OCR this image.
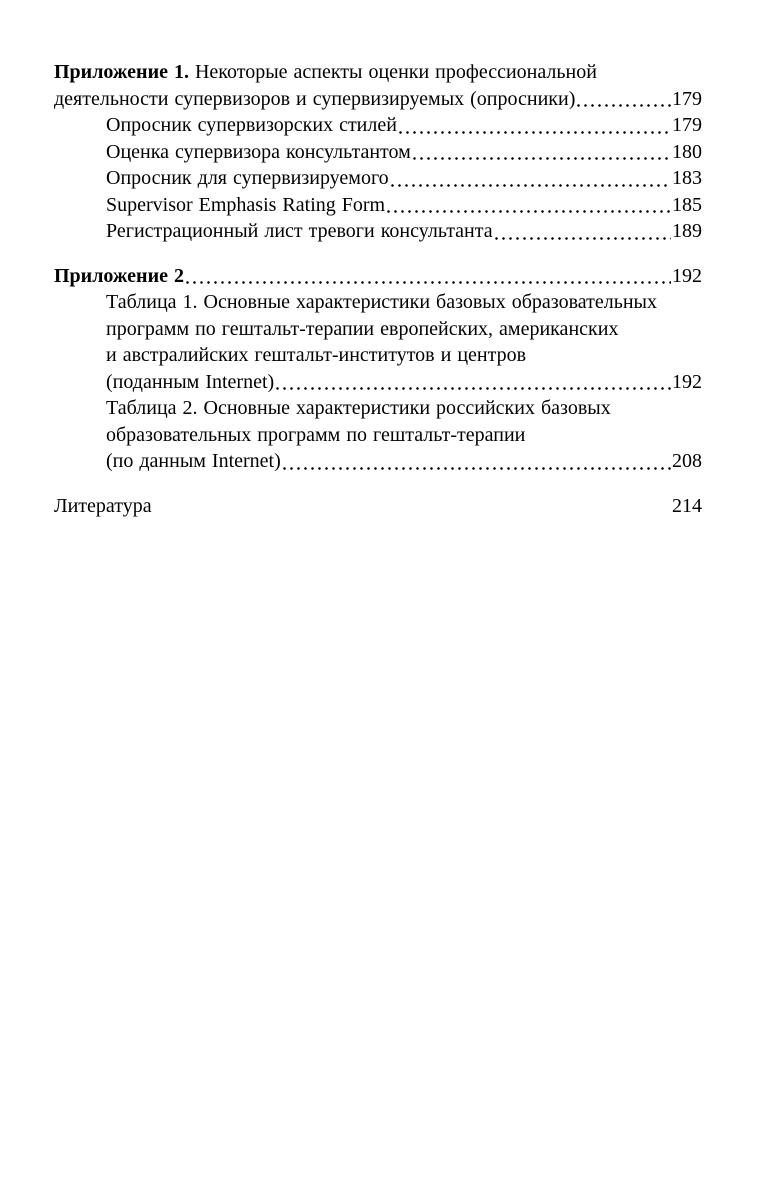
Приложение 1. Некоторые аспекты оценки профессиональной
деятельности супервизоров и супервизируемых (опросники)	179
Опросник супервизорских стилей	179
Оценка супервизора консультантом	180
Опросник для супервизируемого	183
Supervisor Emphasis Rating Form	185
Регистрационный лист тревоги консультанта	189
Приложение 2	192
Таблица 1. Основные характеристики базовых образовательных
программ по гештальт-терапии европейских, американских
и австралийских гештальт-институтов и центров
(поданным Internet)	192
Таблица 2. Основные характеристики российских базовых
образовательных программ по гештальт-терапии
(по данным Internet)	208
Литература	214
